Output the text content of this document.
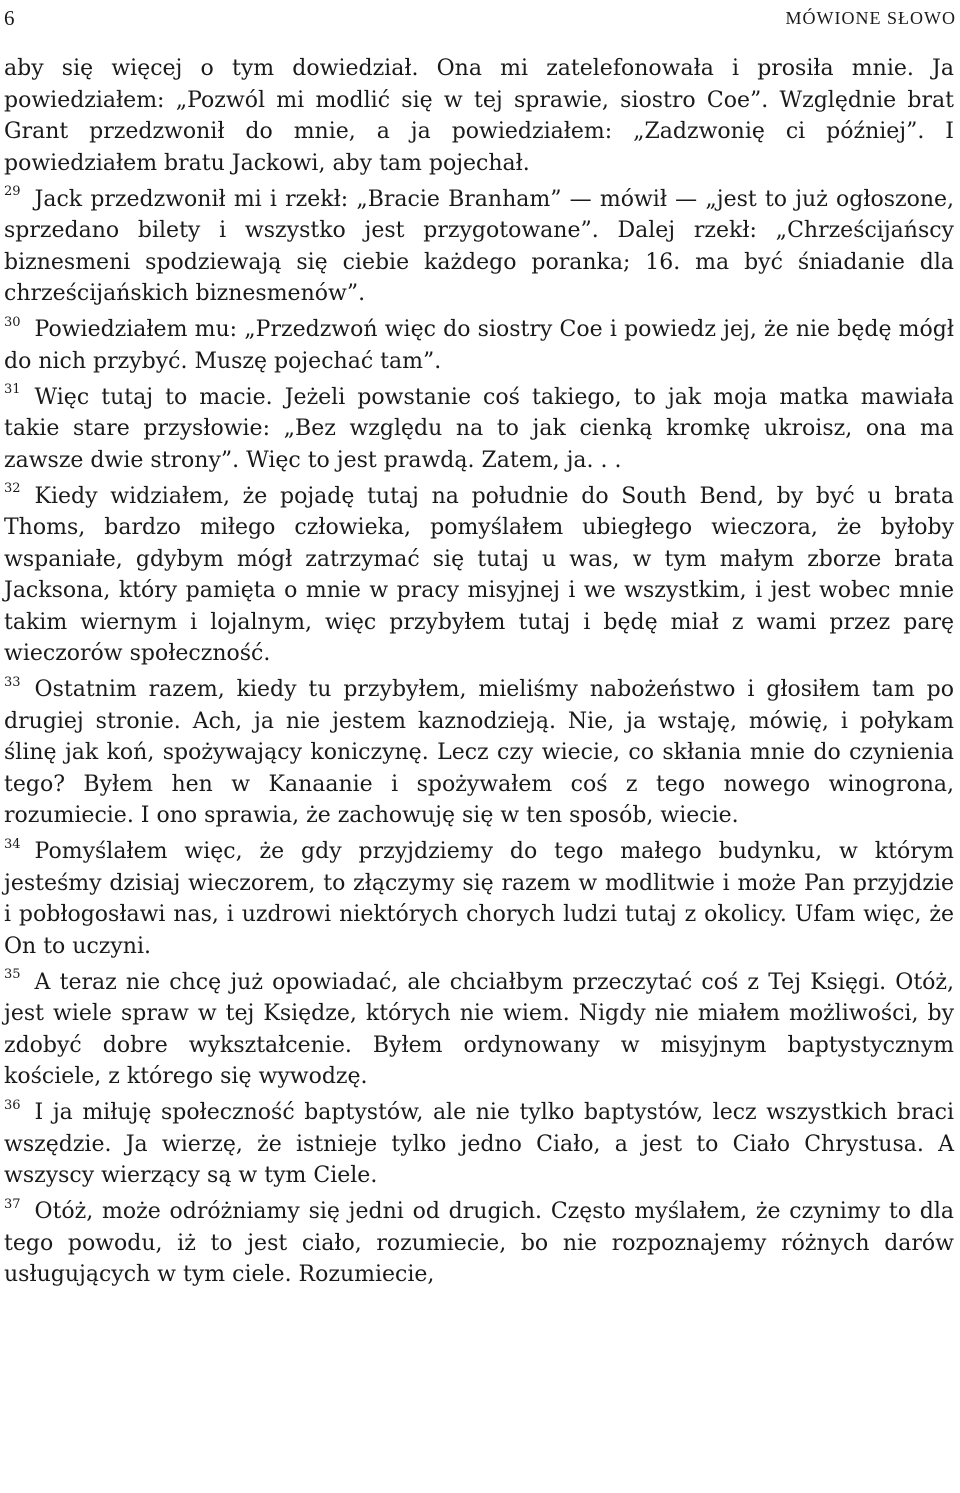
6	MÓWIONE SŁOWO

aby się więcej o tym dowiedział. Ona mi zatelefonowała i prosiła mnie. Ja powiedziałem: „Pozwól mi modlić się w tej sprawie, siostro Coe”. Względnie brat Grant przedzwonił do mnie, a ja powiedziałem: „Zadzwonię ci później”. I powiedziałem bratu Jackowi, aby tam pojechał.

$^{29}$ Jack przedzwonił mi i rzekł: „Bracie Branham” — mówił — „jest to już ogłoszone, sprzedano bilety i wszystko jest przygotowane”. Dalej rzekł: „Chrześcijańscy biznesmeni spodziewają się ciebie każdego poranka; 16. ma być śniadanie dla chrześcijańskich biznesmenów”.

$^{30}$ Powiedziałem mu: „Przedzwoń więc do siostry Coe i powiedz jej, że nie będę mógł do nich przybyć. Muszę pojechać tam”.

$^{31}$ Więc tutaj to macie. Jeżeli powstanie coś takiego, to jak moja matka mawiała takie stare przysłowie: „Bez względu na to jak cienką kromkę ukroisz, ona ma zawsze dwie strony”. Więc to jest prawdą. Zatem, ja. . .

$^{32}$ Kiedy widziałem, że pojadę tutaj na południe do South Bend, by być u brata Thoms, bardzo miłego człowieka, pomyślałem ubiegłego wieczora, że byłoby wspaniałe, gdybym mógł zatrzymać się tutaj u was, w tym małym zborze brata Jacksona, który pamięta o mnie w pracy misyjnej i we wszystkim, i jest wobec mnie takim wiernym i lojalnym, więc przybyłem tutaj i będę miał z wami przez parę wieczorów społeczność.

$^{33}$ Ostatnim razem, kiedy tu przybyłem, mieliśmy nabożeństwo i głosiłem tam po drugiej stronie. Ach, ja nie jestem kaznodzieją. Nie, ja wstaję, mówię, i połykam ślinę jak koń, spożywający koniczynę. Lecz czy wiecie, co skłania mnie do czynienia tego? Byłem hen w Kanaanie i spożywałem coś z tego nowego winogrona, rozumiecie. I ono sprawia, że zachowuję się w ten sposób, wiecie.

$^{34}$ Pomyślałem więc, że gdy przyjdziemy do tego małego budynku, w którym jesteśmy dzisiaj wieczorem, to złączymy się razem w modlitwie i może Pan przyjdzie i pobłogosławi nas, i uzdrowi niektórych chorych ludzi tutaj z okolicy. Ufam więc, że On to uczyni.

$^{35}$ A teraz nie chcę już opowiadać, ale chciałbym przeczytać coś z Tej Księgi. Otóż, jest wiele spraw w tej Księdze, których nie wiem. Nigdy nie miałem możliwości, by zdobyć dobre wykształcenie. Byłem ordynowany w misyjnym baptystycznym kościele, z którego się wywodzę.

$^{36}$ I ja miłuję społeczność baptystów, ale nie tylko baptystów, lecz wszystkich braci wszędzie. Ja wierzę, że istnieje tylko jedno Ciało, a jest to Ciało Chrystusa. A wszyscy wierzący są w tym Ciele.

$^{37}$ Otóż, może odróżniamy się jedni od drugich. Często myślałem, że czynimy to dla tego powodu, iż to jest ciało, rozumiecie, bo nie rozpoznajemy różnych darów usługujących w tym ciele. Rozumiecie,
